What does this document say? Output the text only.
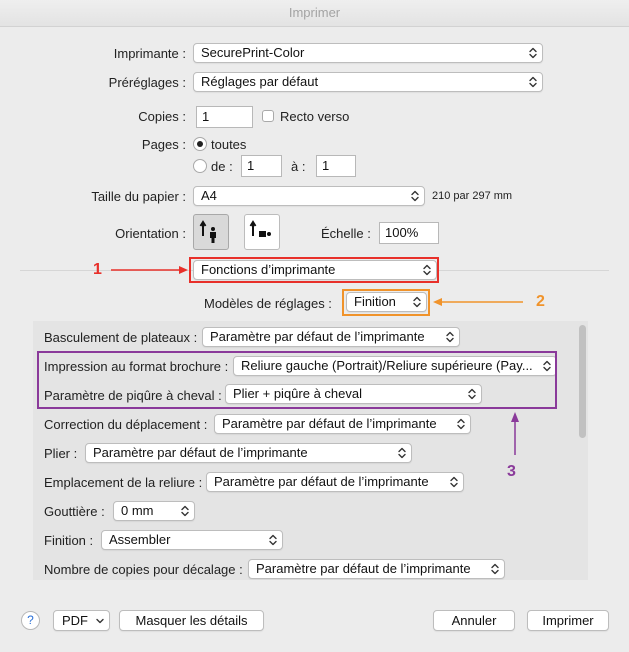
Imprimer
Imprimante :	SecurePrint-Color
Préréglages :	Réglages par défaut
Copies :	1	Recto verso
Pages : toutes
de :	1	à :	1
Taille du papier :	A4	210 par 297 mm
Orientation :	Échelle :	100%
Fonctions d’imprimante
Modèles de réglages :	Finition
Basculement de plateaux : Paramètre par défaut de l’imprimante
Impression au format brochure : Reliure gauche (Portrait)/Reliure supérieure (Pay...
Paramètre de piqûre à cheval : Plier + piqûre à cheval
Correction du déplacement :	Paramètre par défaut de l’imprimante
Plier :	Paramètre par défaut de l’imprimante
Emplacement de la reliure : Paramètre par défaut de l’imprimante
Gouttière :	0 mm
Finition :	Assembler
Nombre de copies pour décalage :	Paramètre par défaut de l’imprimante
1
2
3
?	PDF	Masquer les détails	Annuler	Imprimer
